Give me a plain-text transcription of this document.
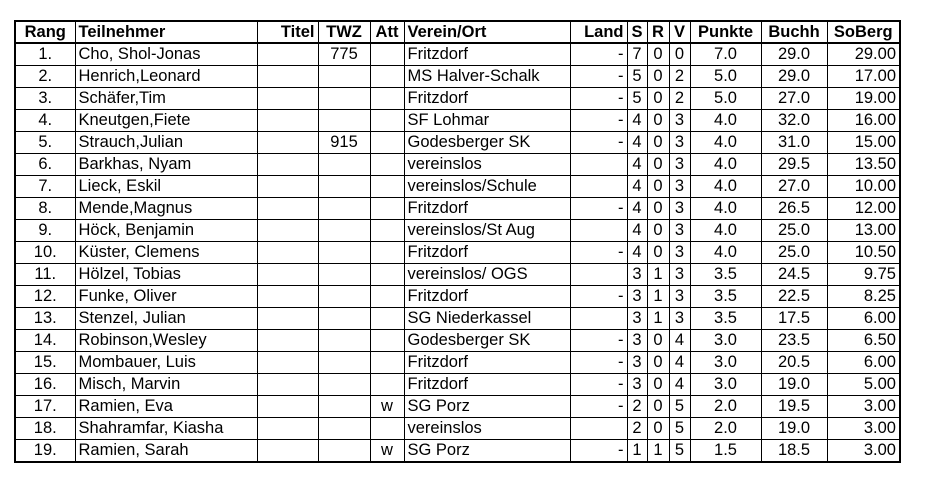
Rang	Teilnehmer	Titel	TWZ	Att	Verein/Ort	Land	S	R	V	Punkte	Buchh	SoBerg
1.	Cho, Shol-Jonas		775		Fritzdorf	-	7	0	0	7.0	29.0	29.00
2.	Henrich,Leonard				MS Halver-Schalk	-	5	0	2	5.0	29.0	17.00
3.	Schäfer,Tim				Fritzdorf	-	5	0	2	5.0	27.0	19.00
4.	Kneutgen,Fiete				SF Lohmar	-	4	0	3	4.0	32.0	16.00
5.	Strauch,Julian		915		Godesberger SK	-	4	0	3	4.0	31.0	15.00
6.	Barkhas, Nyam				vereinslos		4	0	3	4.0	29.5	13.50
7.	Lieck, Eskil				vereinslos/Schule		4	0	3	4.0	27.0	10.00
8.	Mende,Magnus				Fritzdorf	-	4	0	3	4.0	26.5	12.00
9.	Höck, Benjamin				vereinslos/St Aug		4	0	3	4.0	25.0	13.00
10.	Küster, Clemens				Fritzdorf	-	4	0	3	4.0	25.0	10.50
11.	Hölzel, Tobias				vereinslos/ OGS		3	1	3	3.5	24.5	9.75
12.	Funke, Oliver				Fritzdorf	-	3	1	3	3.5	22.5	8.25
13.	Stenzel, Julian				SG Niederkassel		3	1	3	3.5	17.5	6.00
14.	Robinson,Wesley				Godesberger SK	-	3	0	4	3.0	23.5	6.50
15.	Mombauer, Luis				Fritzdorf	-	3	0	4	3.0	20.5	6.00
16.	Misch, Marvin				Fritzdorf	-	3	0	4	3.0	19.0	5.00
17.	Ramien, Eva			w	SG Porz	-	2	0	5	2.0	19.5	3.00
18.	Shahramfar, Kiasha				vereinslos		2	0	5	2.0	19.0	3.00
19.	Ramien, Sarah			w	SG Porz	-	1	1	5	1.5	18.5	3.00
